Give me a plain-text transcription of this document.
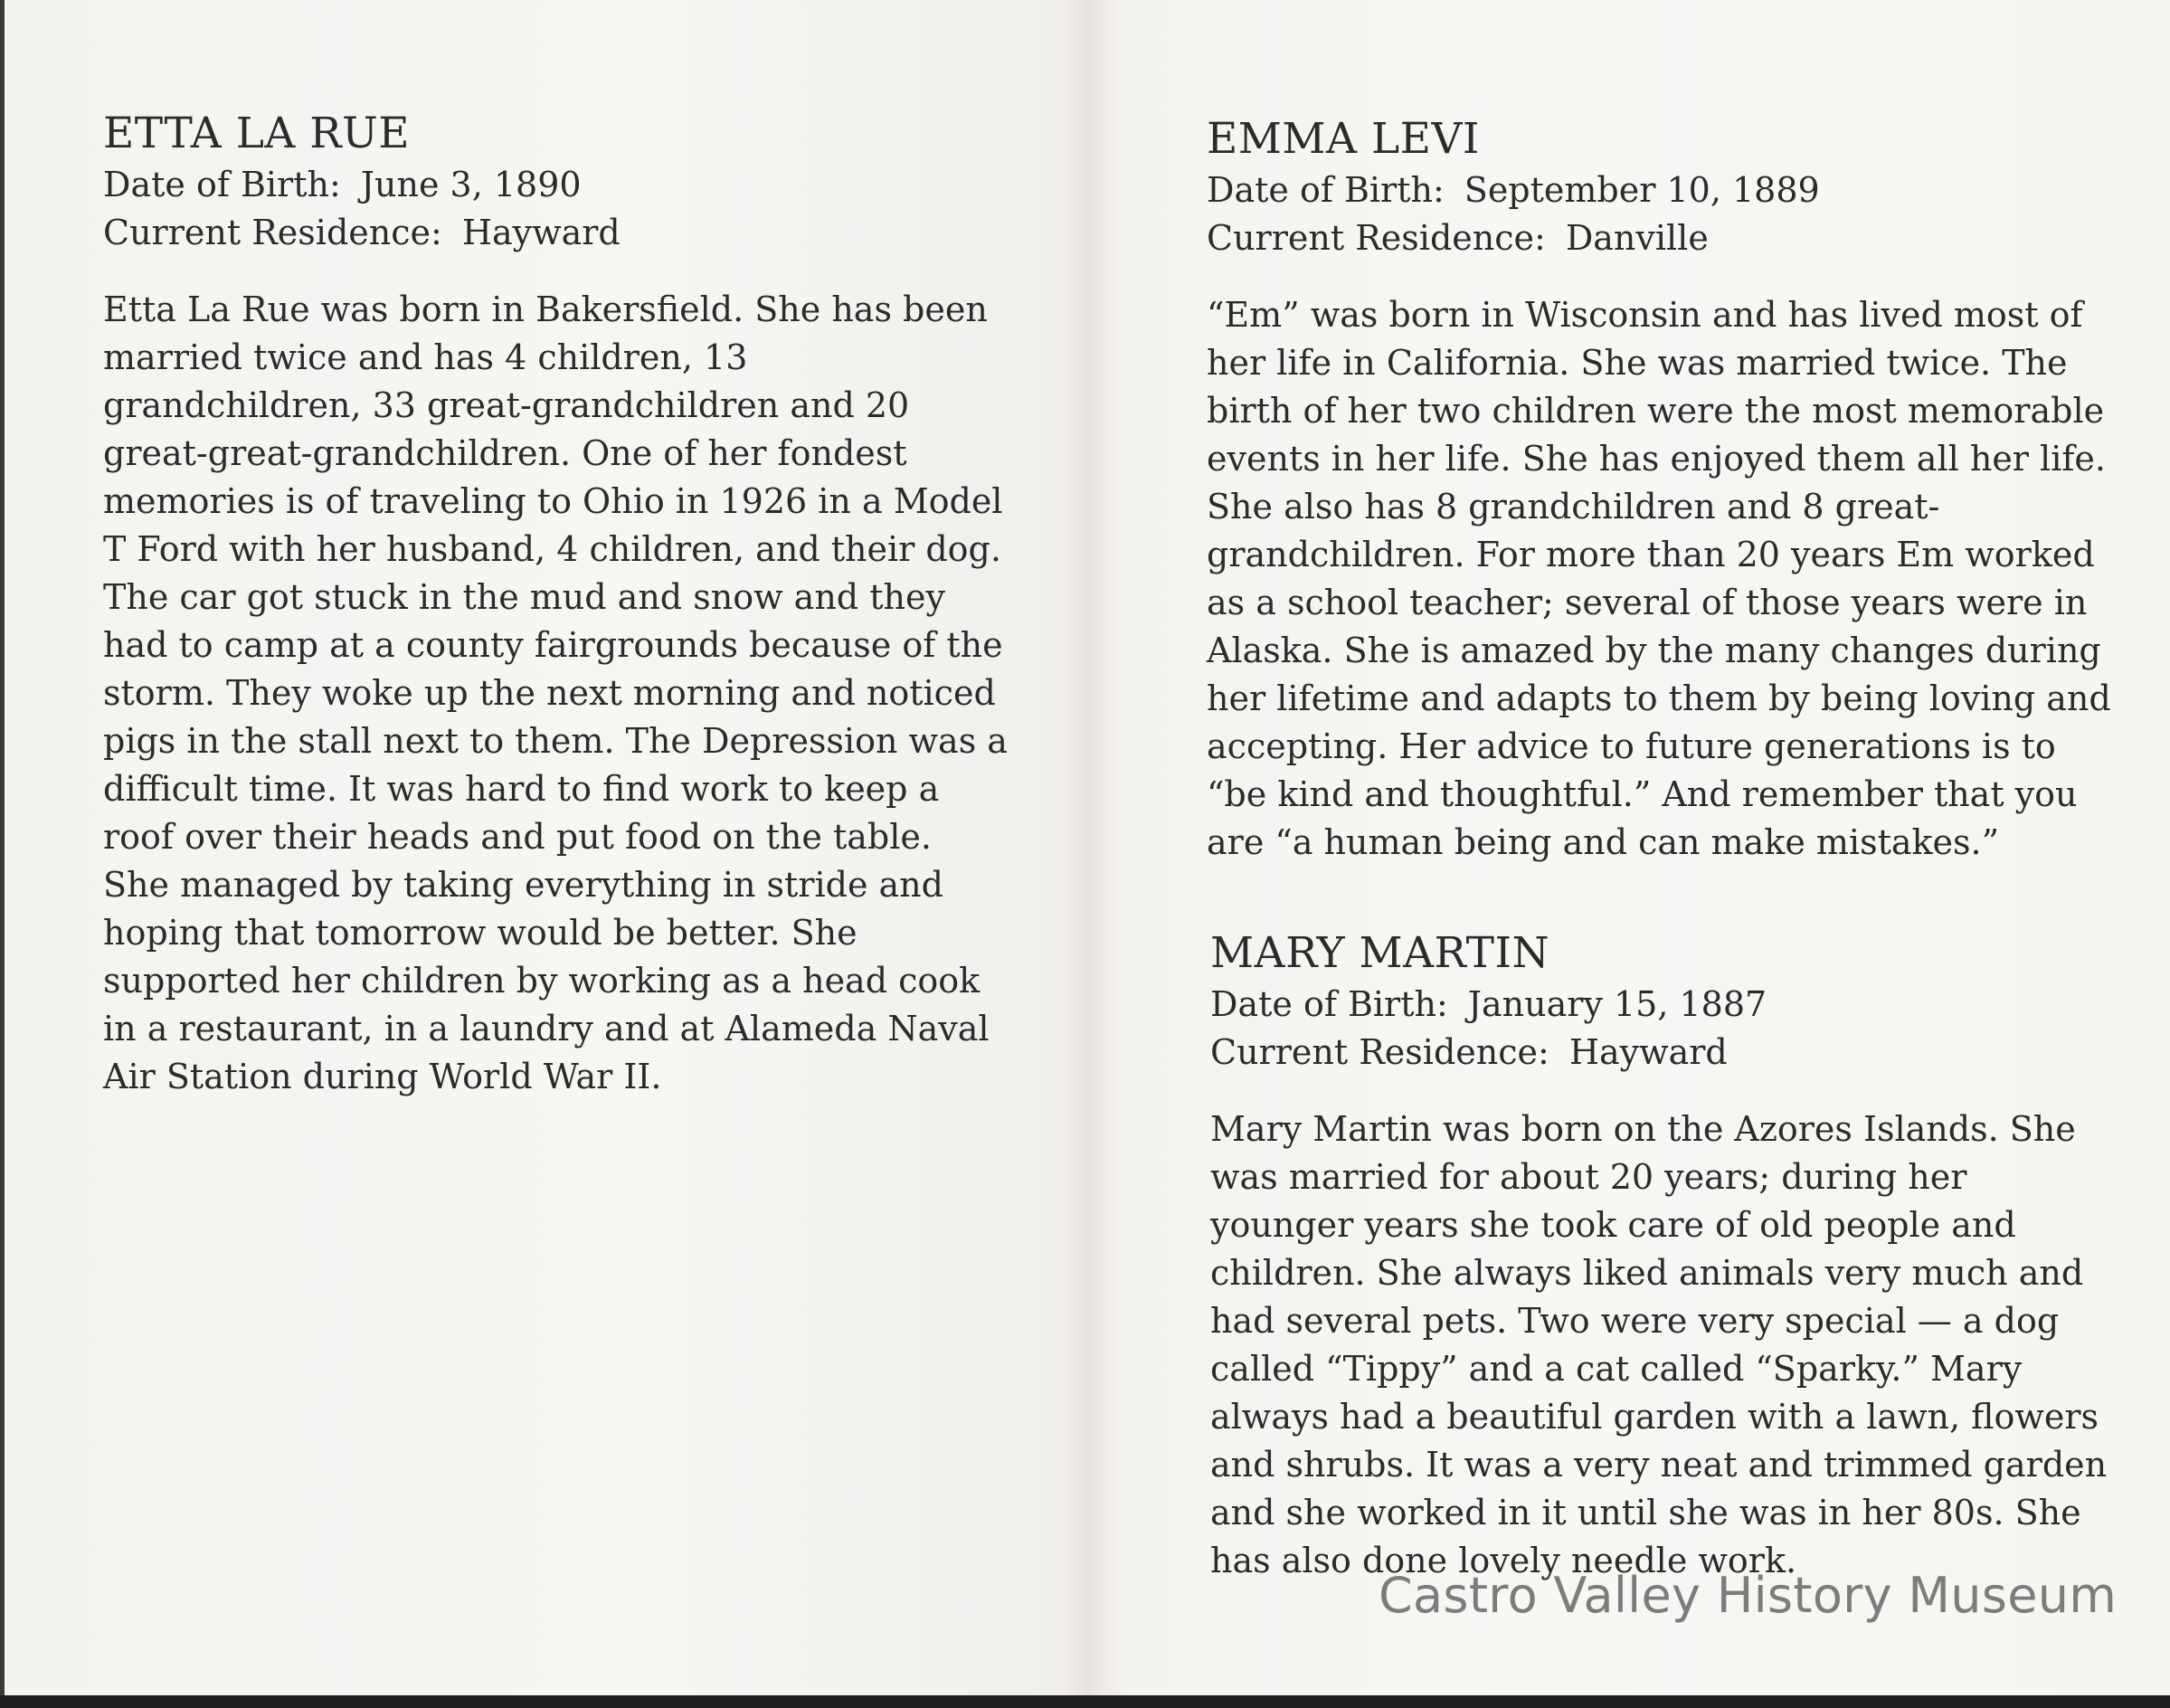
ETTA LA RUE

Date of Birth: June 3, 1890

Current Residence: Hayward

Etta La Rue was born in Bakersfield. She has been married twice and has 4 children, 13 grandchildren, 33 great-grandchildren and 20 great-great-grandchildren. One of her fondest memories is of traveling to Ohio in 1926 in a Model T Ford with her husband, 4 children, and their dog. The car got stuck in the mud and snow and they had to camp at a county fairgrounds because of the storm. They woke up the next morning and noticed pigs in the stall next to them. The Depression was a difficult time. It was hard to find work to keep a roof over their heads and put food on the table. She managed by taking everything in stride and hoping that tomorrow would be better. She supported her children by working as a head cook in a restaurant, in a laundry and at Alameda Naval Air Station during World War II.

EMMA LEVI

Date of Birth: September 10, 1889

Current Residence: Danville

“Em” was born in Wisconsin and has lived most of her life in California. She was married twice. The birth of her two children were the most memorable events in her life. She has enjoyed them all her life. She also has 8 grandchildren and 8 great-grandchildren. For more than 20 years Em worked as a school teacher; several of those years were in Alaska. She is amazed by the many changes during her lifetime and adapts to them by being loving and accepting. Her advice to future generations is to “be kind and thoughtful.” And remember that you are “a human being and can make mistakes.”

MARY MARTIN

Date of Birth: January 15, 1887

Current Residence: Hayward

Mary Martin was born on the Azores Islands. She was married for about 20 years; during her younger years she took care of old people and children. She always liked animals very much and had several pets. Two were very special — a dog called “Tippy” and a cat called “Sparky.” Mary always had a beautiful garden with a lawn, flowers and shrubs. It was a very neat and trimmed garden and she worked in it until she was in her 80s. She has also done lovely needle work.

Castro Valley History Museum
